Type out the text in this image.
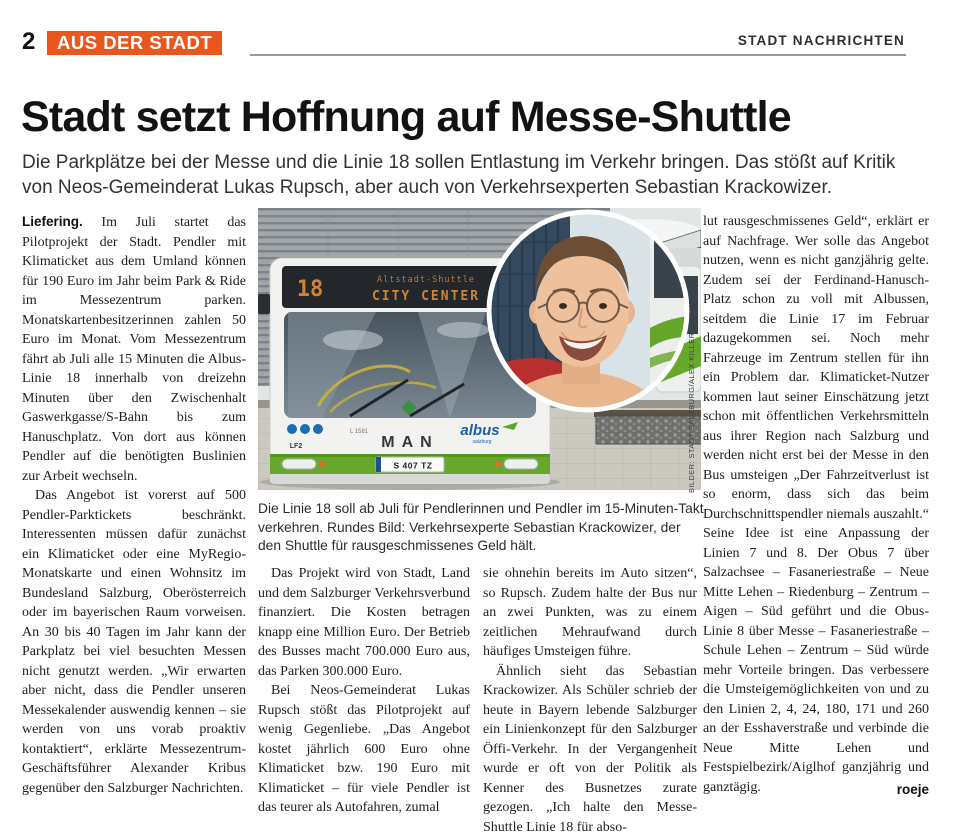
2	AUS DER STADT	STADT NACHRICHTEN
Stadt setzt Hoffnung auf Messe-Shuttle
Die Parkplätze bei der Messe und die Linie 18 sollen Entlastung im Verkehr bringen. Das stößt auf Kritik von Neos-Gemeinderat Lukas Rupsch, aber auch von Verkehrsexperten Sebastian Krackowizer.

Liefering. Im Juli startet das Pilotprojekt der Stadt. Pendler mit Klimaticket aus dem Umland können für 190 Euro im Jahr beim Park & Ride im Messezentrum parken. Monatskartenbesitzerinnen zahlen 50 Euro im Monat. Vom Messezentrum fährt ab Juli alle 15 Minuten die Albus-Linie 18 innerhalb von dreizehn Minuten über den Zwischenhalt Gaswerkgasse/S-Bahn bis zum Hanuschplatz. Von dort aus können Pendler auf die benötigten Buslinien zur Arbeit wechseln.

Das Angebot ist vorerst auf 500 Pendler-Parktickets beschränkt. Interessenten müssen dafür zunächst ein Klimaticket oder eine MyRegio-Monatskarte und einen Wohnsitz im Bundesland Salzburg, Oberösterreich oder im bayerischen Raum vorweisen. An 30 bis 40 Tagen im Jahr kann der Parkplatz bei viel besuchten Messen nicht genutzt werden. „Wir erwarten aber nicht, dass die Pendler unseren Messekalender auswendig kennen – sie werden von uns vorab proaktiv kontaktiert“, erklärte Messezentrum-Geschäftsführer Alexander Kribus gegenüber den Salzburger Nachrichten.

18	Altstadt-Shuttle
CITY CENTER
LF2
L 1581
MAN
albus
salzburg
S 407 TZ	BILDER: STADT SALZBURG/ALEX KILLER; PRIVAT
Die Linie 18 soll ab Juli für Pendlerinnen und Pendler im 15-Minuten-Takt verkehren. Rundes Bild: Verkehrsexperte Sebastian Krackowizer, der den Shuttle für rausgeschmissenes Geld hält.

Das Projekt wird von Stadt, Land und dem Salzburger Verkehrsverbund finanziert. Die Kosten betragen knapp eine Million Euro. Der Betrieb des Busses macht 700.000 Euro aus, das Parken 300.000 Euro.

Bei Neos-Gemeinderat Lukas Rupsch stößt das Pilotprojekt auf wenig Gegenliebe. „Das Angebot kostet jährlich 600 Euro ohne Klimaticket bzw. 190 Euro mit Klimaticket – für viele Pendler ist das teurer als Autofahren, zumal

sie ohnehin bereits im Auto sitzen“, so Rupsch. Zudem halte der Bus nur an zwei Punkten, was zu einem zeitlichen Mehraufwand durch häufiges Umsteigen führe.

Ähnlich sieht das Sebastian Krackowizer. Als Schüler schrieb der heute in Bayern lebende Salzburger ein Linienkonzept für den Salzburger Öffi-Verkehr. In der Vergangenheit wurde er oft von der Politik als Kenner des Busnetzes zurate gezogen. „Ich halte den Messe-Shuttle Linie 18 für abso-

lut rausgeschmissenes Geld“, erklärt er auf Nachfrage. Wer solle das Angebot nutzen, wenn es nicht ganzjährig gelte. Zudem sei der Ferdinand-Hanusch-Platz schon zu voll mit Albussen, seitdem die Linie 17 im Februar dazugekommen sei. Noch mehr Fahrzeuge im Zentrum stellen für ihn ein Problem dar. Klimaticket-Nutzer kommen laut seiner Einschätzung jetzt schon mit öffentlichen Verkehrsmitteln aus ihrer Region nach Salzburg und werden nicht erst bei der Messe in den Bus umsteigen „Der Fahrzeitverlust ist so enorm, dass sich das beim Durchschnittspendler niemals auszahlt.“ Seine Idee ist eine Anpassung der Linien 7 und 8. Der Obus 7 über Salzachsee – Fasaneriestraße – Neue Mitte Lehen – Riedenburg – Zentrum – Aigen – Süd geführt und die Obus-Linie 8 über Messe – Fasaneriestraße – Schule Lehen – Zentrum – Süd würde mehr Vorteile bringen. Das verbessere die Umsteigemöglichkeiten von und zu den Linien 2, 4, 24, 180, 171 und 260 an der Esshaverstraße und verbinde die Neue Mitte Lehen und Festspielbezirk/Aiglhof ganzjährig und ganztägig.	roeje
